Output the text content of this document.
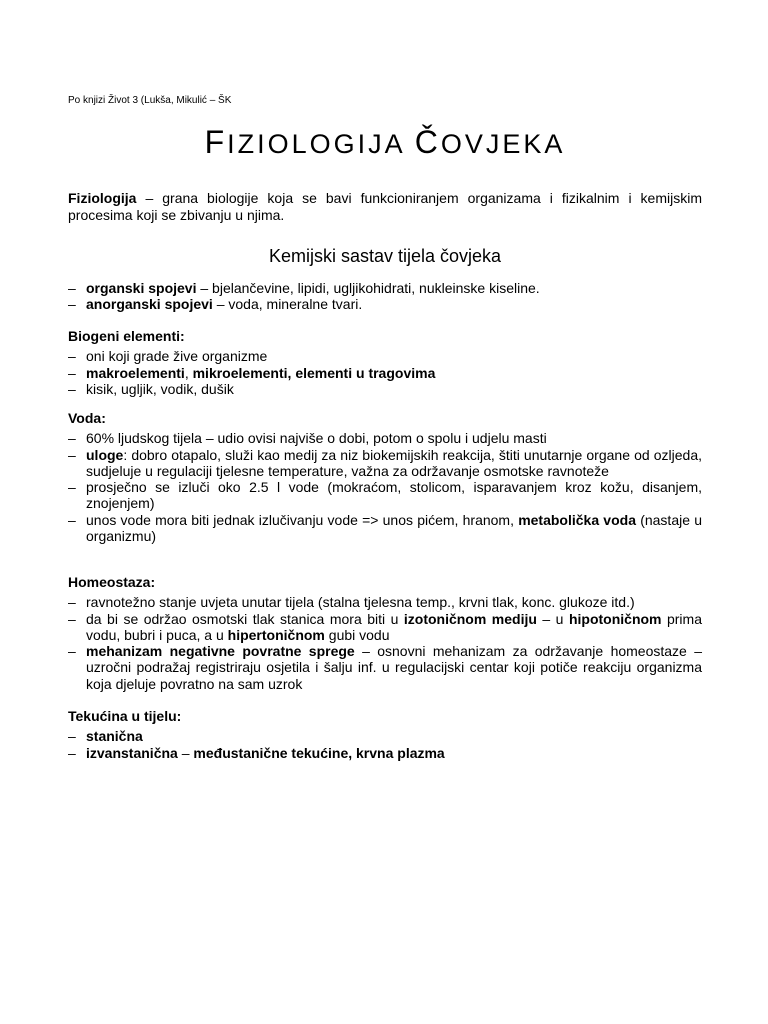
Po knjizi Život 3 (Lukša, Mikulić – ŠK
FIZIOLOGIJA ČOVJEKA
Fiziologija – grana biologije koja se bavi funkcioniranjem organizama i fizikalnim i kemijskim procesima koji se zbivanju u njima.
Kemijski sastav tijela čovjeka
– organski spojevi – bjelančevine, lipidi, ugljikohidrati, nukleinske kiseline.
– anorganski spojevi – voda, mineralne tvari.
Biogeni elementi:
– oni koji grade žive organizme
– makroelementi, mikroelementi, elementi u tragovima
– kisik, ugljik, vodik, dušik
Voda:
– 60% ljudskog tijela – udio ovisi najviše o dobi, potom o spolu i udjelu masti
– uloge: dobro otapalo, služi kao medij za niz biokemijskih reakcija, štiti unutarnje organe od ozljeda, sudjeluje u regulaciji tjelesne temperature, važna za održavanje osmotske ravnoteže
– prosječno se izluči oko 2.5 l vode (mokraćom, stolicom, isparavanjem kroz kožu, disanjem, znojenjem)
– unos vode mora biti jednak izlučivanju vode => unos pićem, hranom, metabolička voda (nastaje u organizmu)
Homeostaza:
– ravnotežno stanje uvjeta unutar tijela (stalna tjelesna temp., krvni tlak, konc. glukoze itd.)
– da bi se održao osmotski tlak stanica mora biti u izotoničnom mediju – u hipotoničnom prima vodu, bubri i puca, a u hipertoničnom gubi vodu
– mehanizam negativne povratne sprege – osnovni mehanizam za održavanje homeostaze – uzročni podražaj registriraju osjetila i šalju inf. u regulacijski centar koji potiče reakciju organizma koja djeluje povratno na sam uzrok
Tekućina u tijelu:
– stanična
– izvanstanična – međustanične tekućine, krvna plazma
